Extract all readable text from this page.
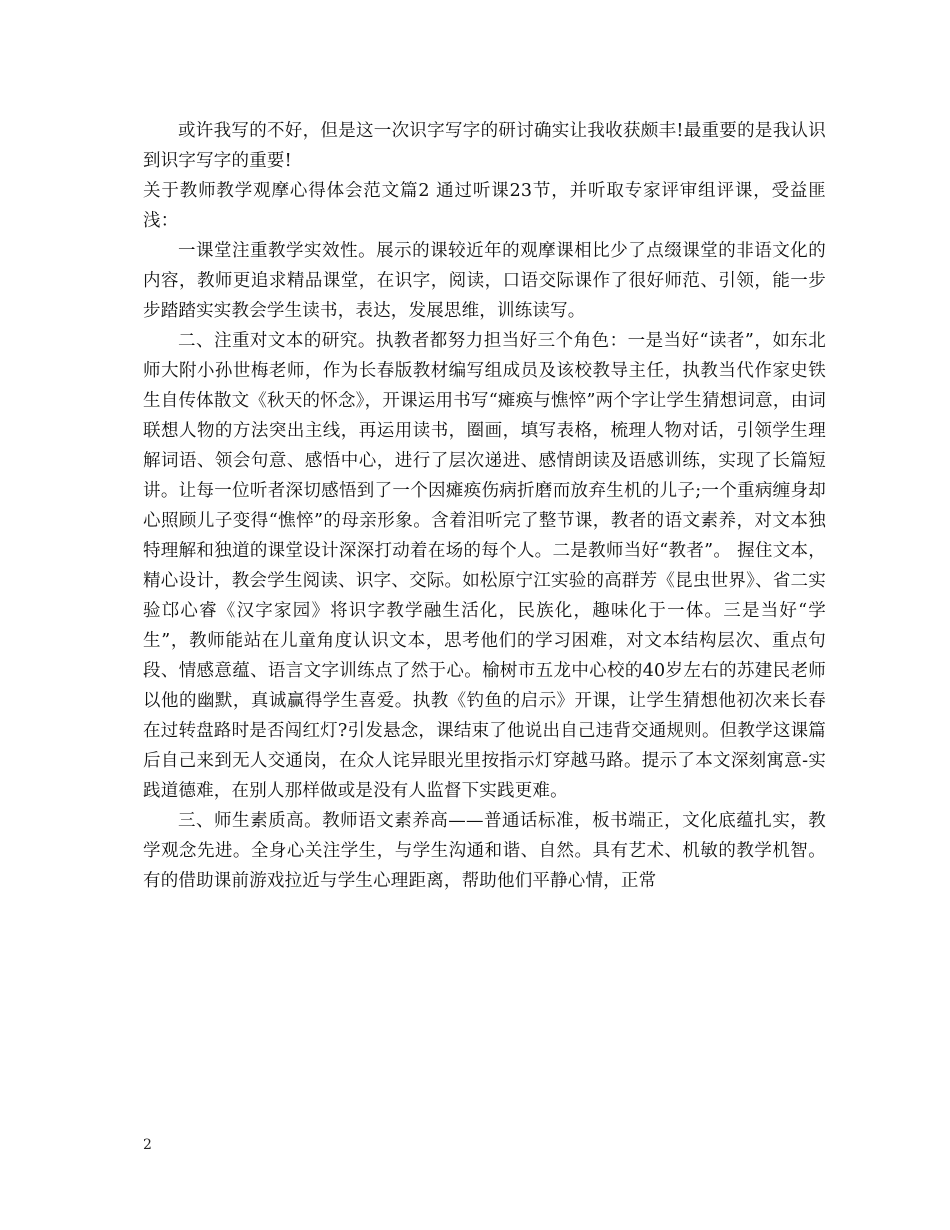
或许我写的不好，但是这一次识字写字的研讨确实让我收获颇丰!最重要的是我认识到识字写字的重要!

关于教师教学观摩心得体会范文篇2 通过听课23节，并听取专家评审组评课，受益匪浅：

一课堂注重教学实效性。展示的课较近年的观摩课相比少了点缀课堂的非语文化的内容，教师更追求精品课堂，在识字，阅读，口语交际课作了很好师范、引领，能一步步踏踏实实教会学生读书，表达，发展思维，训练读写。

二、注重对文本的研究。执教者都努力担当好三个角色：一是当好“读者”，如东北师大附小孙世梅老师，作为长春版教材编写组成员及该校教导主任，执教当代作家史铁生自传体散文《秋天的怀念》，开课运用书写“瘫痪与憔悴”两个字让学生猜想词意，由词联想人物的方法突出主线，再运用读书，圈画，填写表格，梳理人物对话，引领学生理解词语、领会句意、感悟中心，进行了层次递进、感情朗读及语感训练，实现了长篇短讲。让每一位听者深切感悟到了一个因瘫痪伤病折磨而放弃生机的儿子;一个重病缠身却心照顾儿子变得“憔悴”的母亲形象。含着泪听完了整节课，教者的语文素养，对文本独特理解和独道的课堂设计深深打动着在场的每个人。二是教师当好“教者”。 握住文本，精心设计，教会学生阅读、识字、交际。如松原宁江实验的高群芳《昆虫世界》、省二实验邙心睿《汉字家园》将识字教学融生活化，民族化，趣味化于一体。三是当好“学生”，教师能站在儿童角度认识文本，思考他们的学习困难，对文本结构层次、重点句段、情感意蕴、语言文字训练点了然于心。榆树市五龙中心校的40岁左右的苏建民老师以他的幽默，真诚赢得学生喜爱。执教《钓鱼的启示》开课，让学生猜想他初次来长春在过转盘路时是否闯红灯?引发悬念，课结束了他说出自己违背交通规则。但教学这课篇后自己来到无人交通岗，在众人诧异眼光里按指示灯穿越马路。提示了本文深刻寓意-实践道德难，在别人那样做或是没有人监督下实践更难。

三、师生素质高。教师语文素养高——普通话标准，板书端正，文化底蕴扎实，教学观念先进。全身心关注学生，与学生沟通和谐、自然。具有艺术、机敏的教学机智。有的借助课前游戏拉近与学生心理距离，帮助他们平静心情，正常

2
